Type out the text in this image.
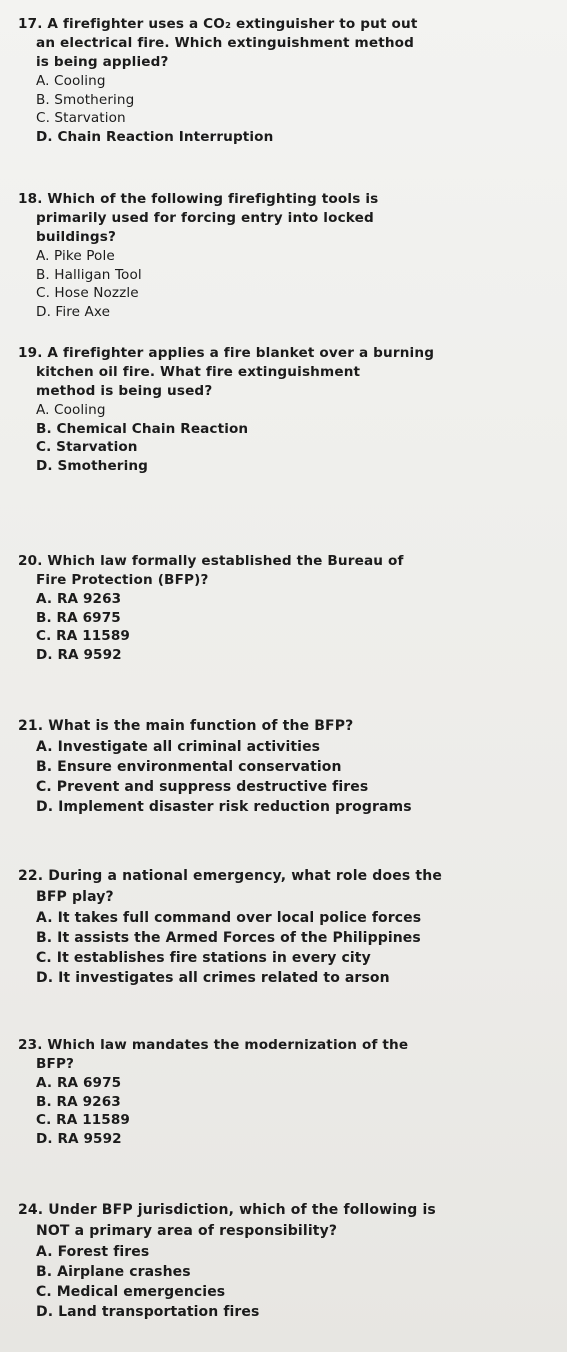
17. A firefighter uses a CO₂ extinguisher to put out
an electrical fire. Which extinguishment method
is being applied?
A. Cooling
B. Smothering
C. Starvation
D. Chain Reaction Interruption
18. Which of the following firefighting tools is
primarily used for forcing entry into locked
buildings?
A. Pike Pole
B. Halligan Tool
C. Hose Nozzle
D. Fire Axe
19. A firefighter applies a fire blanket over a burning
kitchen oil fire. What fire extinguishment
method is being used?
A. Cooling
B. Chemical Chain Reaction
C. Starvation
D. Smothering
20. Which law formally established the Bureau of
Fire Protection (BFP)?
A. RA 9263
B. RA 6975
C. RA 11589
D. RA 9592
21. What is the main function of the BFP?
A. Investigate all criminal activities
B. Ensure environmental conservation
C. Prevent and suppress destructive fires
D. Implement disaster risk reduction programs
22. During a national emergency, what role does the
BFP play?
A. It takes full command over local police forces
B. It assists the Armed Forces of the Philippines
C. It establishes fire stations in every city
D. It investigates all crimes related to arson
23. Which law mandates the modernization of the
BFP?
A. RA 6975
B. RA 9263
C. RA 11589
D. RA 9592
24. Under BFP jurisdiction, which of the following is
NOT a primary area of responsibility?
A. Forest fires
B. Airplane crashes
C. Medical emergencies
D. Land transportation fires
